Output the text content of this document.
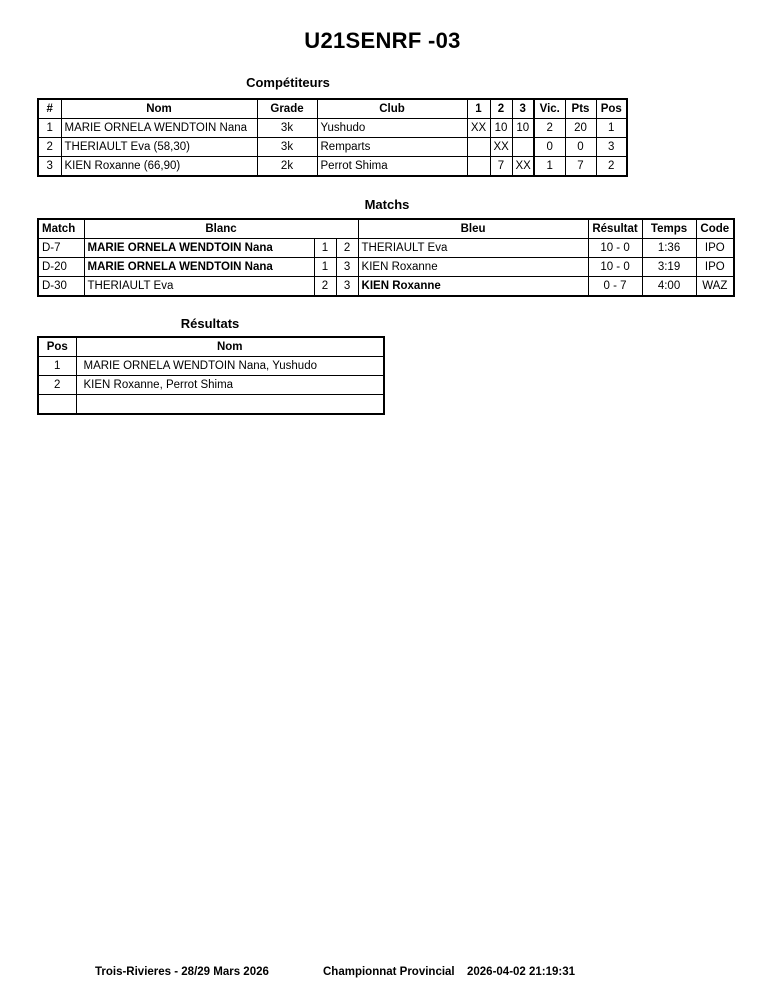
U21SENRF -03
Compétiteurs
#	Nom	Grade	Club	1	2	3	Vic.	Pts	Pos
1	MARIE ORNELA WENDTOIN Nana	3k	Yushudo	XX	10	10	2	20	1
2	THERIAULT Eva (58,30)	3k	Remparts		XX		0	0	3
3	KIEN Roxanne (66,90)	2k	Perrot Shima		7	XX	1	7	2
Matchs
Match	Blanc			Bleu	Résultat	Temps	Code
D-7	MARIE ORNELA WENDTOIN Nana	1	2	THERIAULT Eva	10 - 0	1:36	IPO
D-20	MARIE ORNELA WENDTOIN Nana	1	3	KIEN Roxanne	10 - 0	3:19	IPO
D-30	THERIAULT Eva	2	3	KIEN Roxanne	0 - 7	4:00	WAZ
Résultats
Pos	Nom
1	MARIE ORNELA WENDTOIN Nana, Yushudo
2	KIEN Roxanne, Perrot Shima

Trois-Rivieres - 28/29 Mars 2026	Championnat Provincial 2026-04-02 21:19:31
